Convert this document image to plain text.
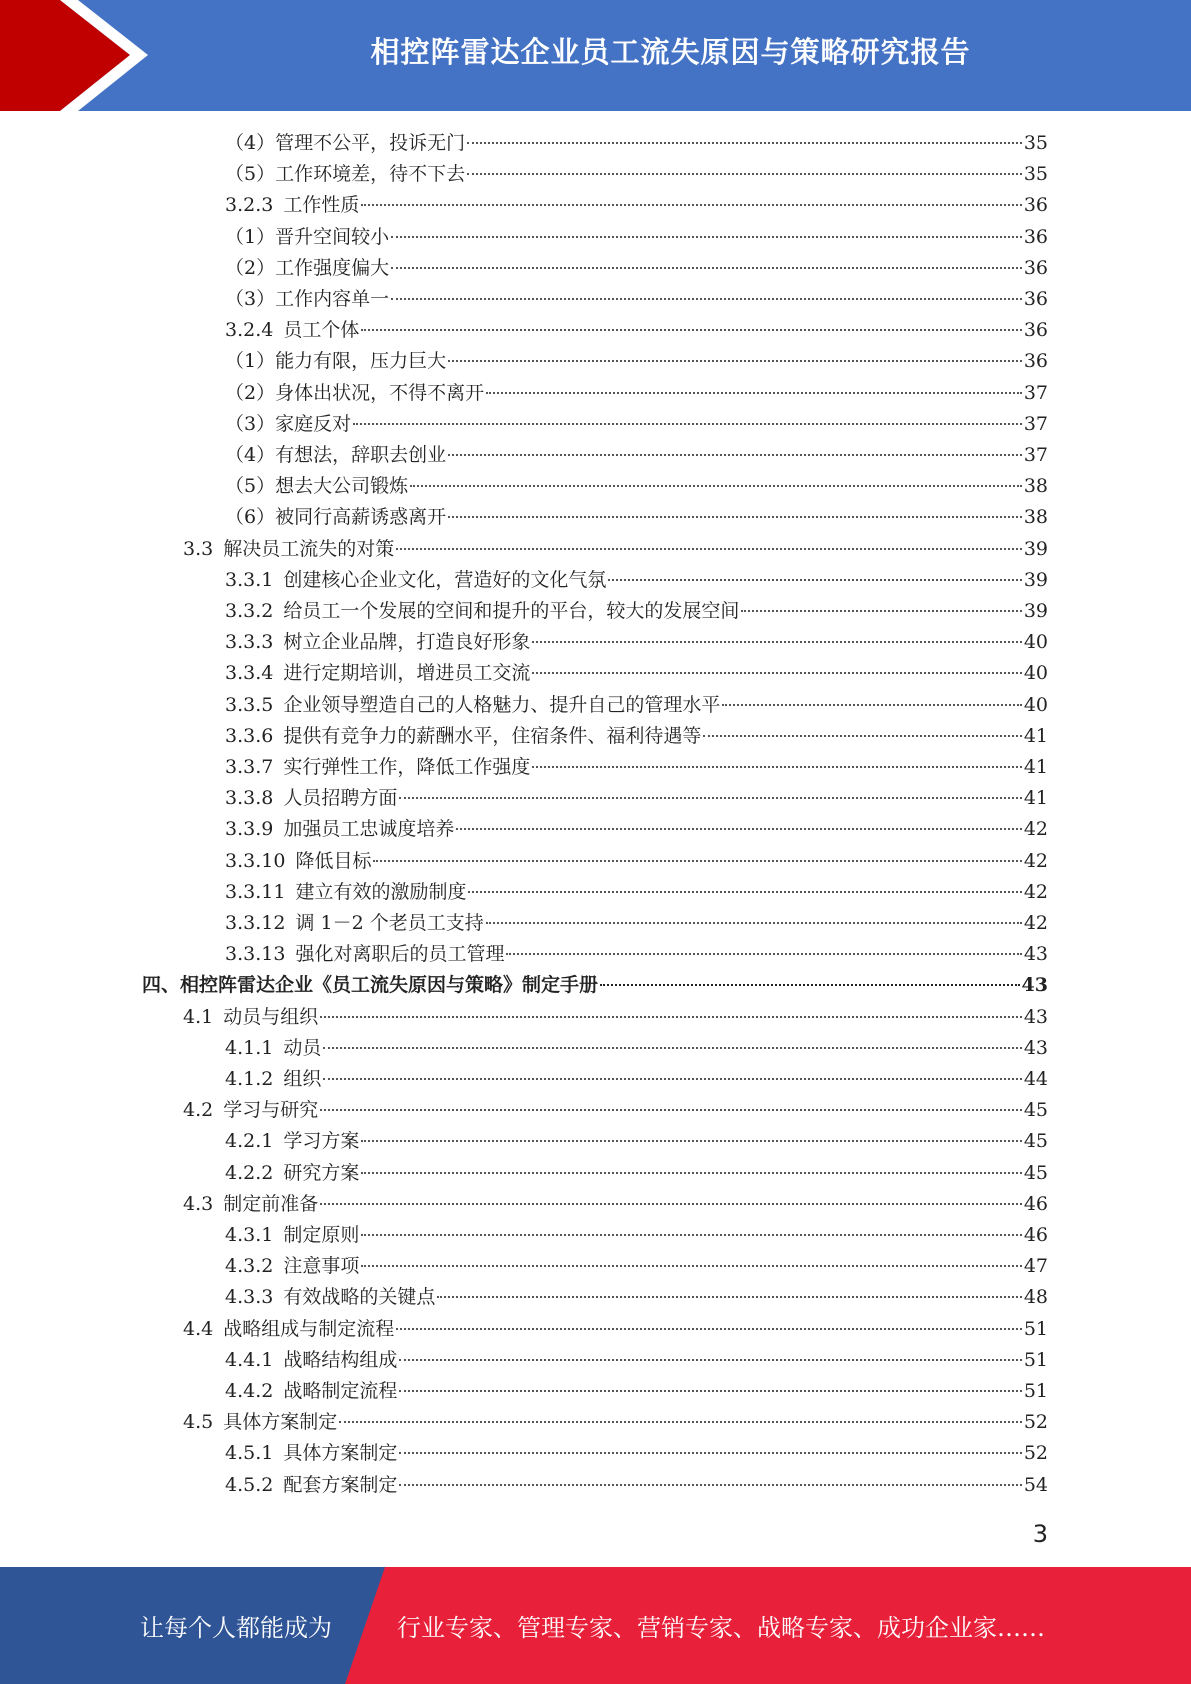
相控阵雷达企业员工流失原因与策略研究报告
（4） 管理不公平，投诉无门	35
（5） 工作环境差，待不下去	35
3.2.3 工作性质	36
（1） 晋升空间较小	36
（2） 工作强度偏大	36
（3） 工作内容单一	36
3.2.4 员工个体	36
（1） 能力有限，压力巨大	36
（2） 身体出状况，不得不离开	37
（3） 家庭反对	37
（4） 有想法，辞职去创业	37
（5） 想去大公司锻炼	38
（6） 被同行高薪诱惑离开	38
3.3 解决员工流失的对策	39
3.3.1 创建核心企业文化，营造好的文化气氛	39
3.3.2 给员工一个发展的空间和提升的平台，较大的发展空间	39
3.3.3 树立企业品牌，打造良好形象	40
3.3.4 进行定期培训，增进员工交流	40
3.3.5 企业领导塑造自己的人格魅力、提升自己的管理水平	40
3.3.6 提供有竞争力的薪酬水平，住宿条件、福利待遇等	41
3.3.7 实行弹性工作，降低工作强度	41
3.3.8 人员招聘方面	41
3.3.9 加强员工忠诚度培养	42
3.3.10 降低目标	42
3.3.11 建立有效的激励制度	42
3.3.12 调 1－2 个老员工支持	42
3.3.13 强化对离职后的员工管理	43
四、相控阵雷达企业《员工流失原因与策略》制定手册	43
4.1 动员与组织	43
4.1.1 动员	43
4.1.2 组织	44
4.2 学习与研究	45
4.2.1 学习方案	45
4.2.2 研究方案	45
4.3 制定前准备	46
4.3.1 制定原则	46
4.3.2 注意事项	47
4.3.3 有效战略的关键点	48
4.4 战略组成与制定流程	51
4.4.1 战略结构组成	51
4.4.2 战略制定流程	51
4.5 具体方案制定	52
4.5.1 具体方案制定	52
4.5.2 配套方案制定	54
3
让每个人都能成为	行业专家、管理专家、营销专家、战略专家、成功企业家……
